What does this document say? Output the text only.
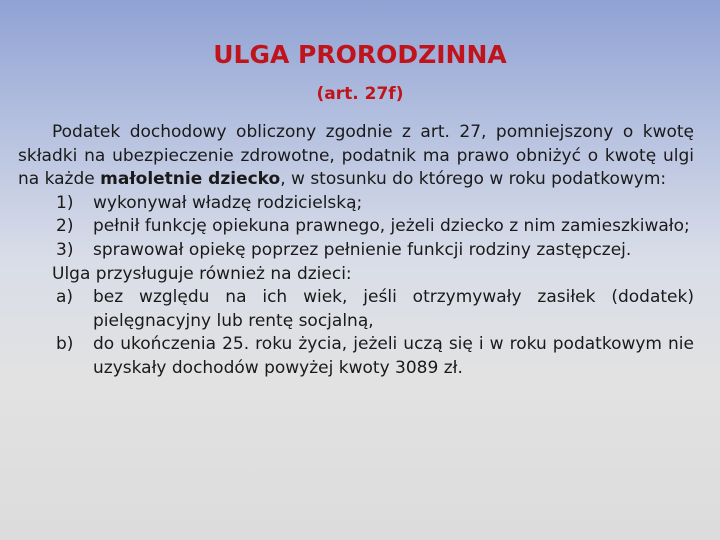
ULGA PRORODZINNA
(art. 27f)

Podatek dochodowy obliczony zgodnie z art. 27, pomniejszony o kwotę składki na ubezpieczenie zdrowotne, podatnik ma prawo obniżyć o kwotę ulgi na każde małoletnie dziecko, w stosunku do którego w roku podatkowym:

1) wykonywał władzę rodzicielską;
2) pełnił funkcję opiekuna prawnego, jeżeli dziecko z nim zamieszkiwało;
3) sprawował opiekę poprzez pełnienie funkcji rodziny zastępczej.

Ulga przysługuje również na dzieci:

a) bez względu na ich wiek, jeśli otrzymywały zasiłek (dodatek) pielęgnacyjny lub rentę socjalną,
b) do ukończenia 25. roku życia, jeżeli uczą się i w roku podatkowym nie uzyskały dochodów powyżej kwoty 3089 zł.
